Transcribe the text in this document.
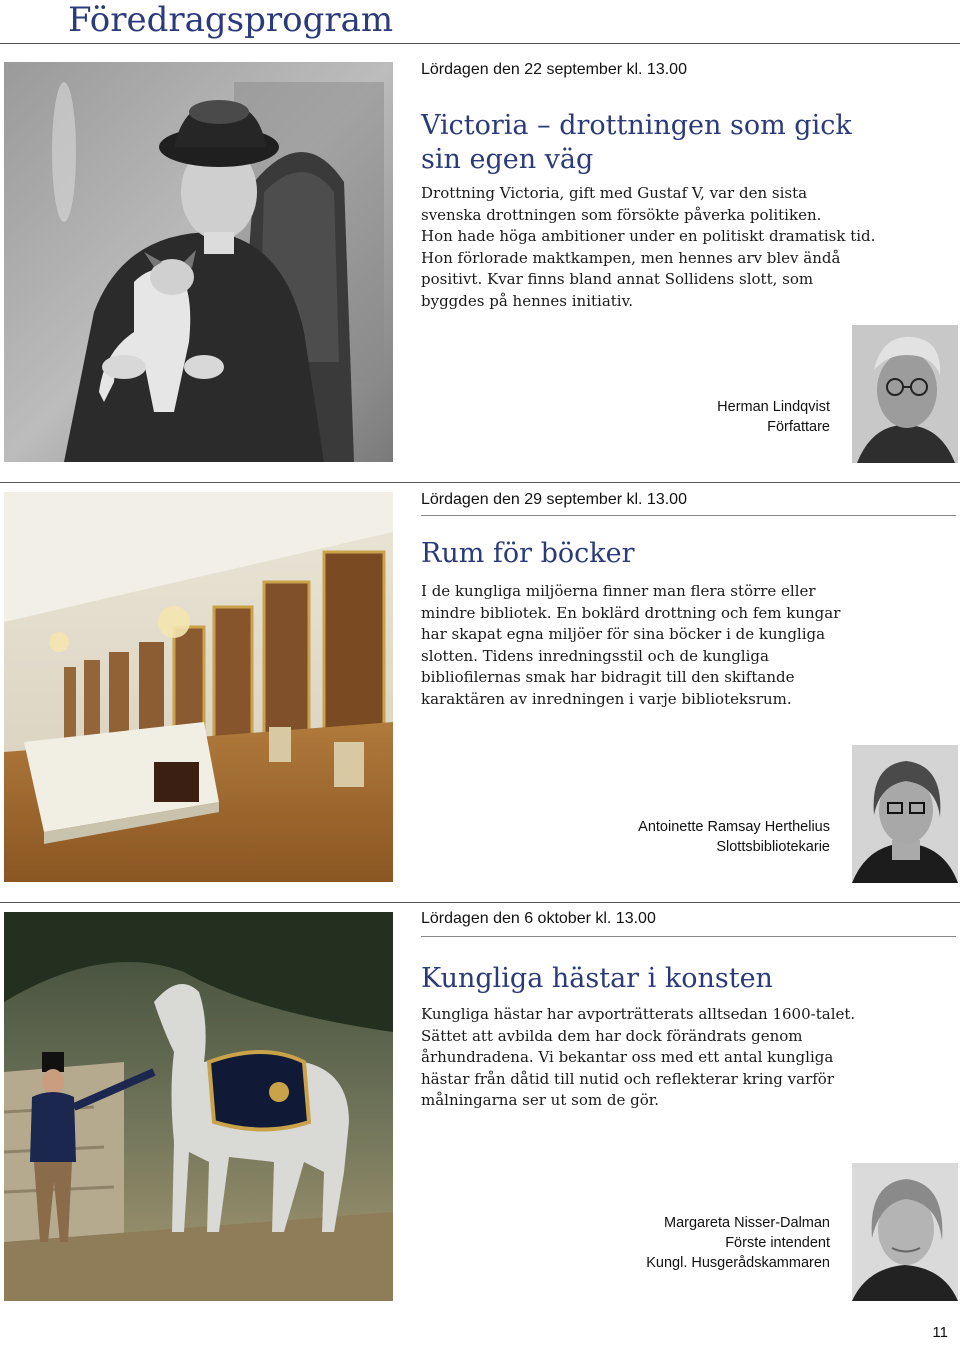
Föredragsprogram
Lördagen den 22 september kl. 13.00
Victoria – drottningen som gick
sin egen väg
Drottning Victoria, gift med Gustaf V, var den sista
svenska drottningen som försökte påverka politiken.
Hon hade höga ambitioner under en politiskt dramatisk tid.
Hon förlorade maktkampen, men hennes arv blev ändå
positivt. Kvar finns bland annat Sollidens slott, som
byggdes på hennes initiativ.
Herman Lindqvist
Författare
Lördagen den 29 september kl. 13.00
Rum för böcker
I de kungliga miljöerna finner man flera större eller
mindre bibliotek. En boklärd drottning och fem kungar
har skapat egna miljöer för sina böcker i de kungliga
slotten. Tidens inredningsstil och de kungliga
bibliofilernas smak har bidragit till den skiftande
karaktären av inredningen i varje biblioteksrum.
Antoinette Ramsay Herthelius
Slottsbibliotekarie
Lördagen den 6 oktober kl. 13.00
Kungliga hästar i konsten
Kungliga hästar har avporträtterats alltsedan 1600-talet.
Sättet att avbilda dem har dock förändrats genom
århundradena. Vi bekantar oss med ett antal kungliga
hästar från dåtid till nutid och reflekterar kring varför
målningarna ser ut som de gör.
Margareta Nisser-Dalman
Förste intendent
Kungl. Husgerådskammaren
11
